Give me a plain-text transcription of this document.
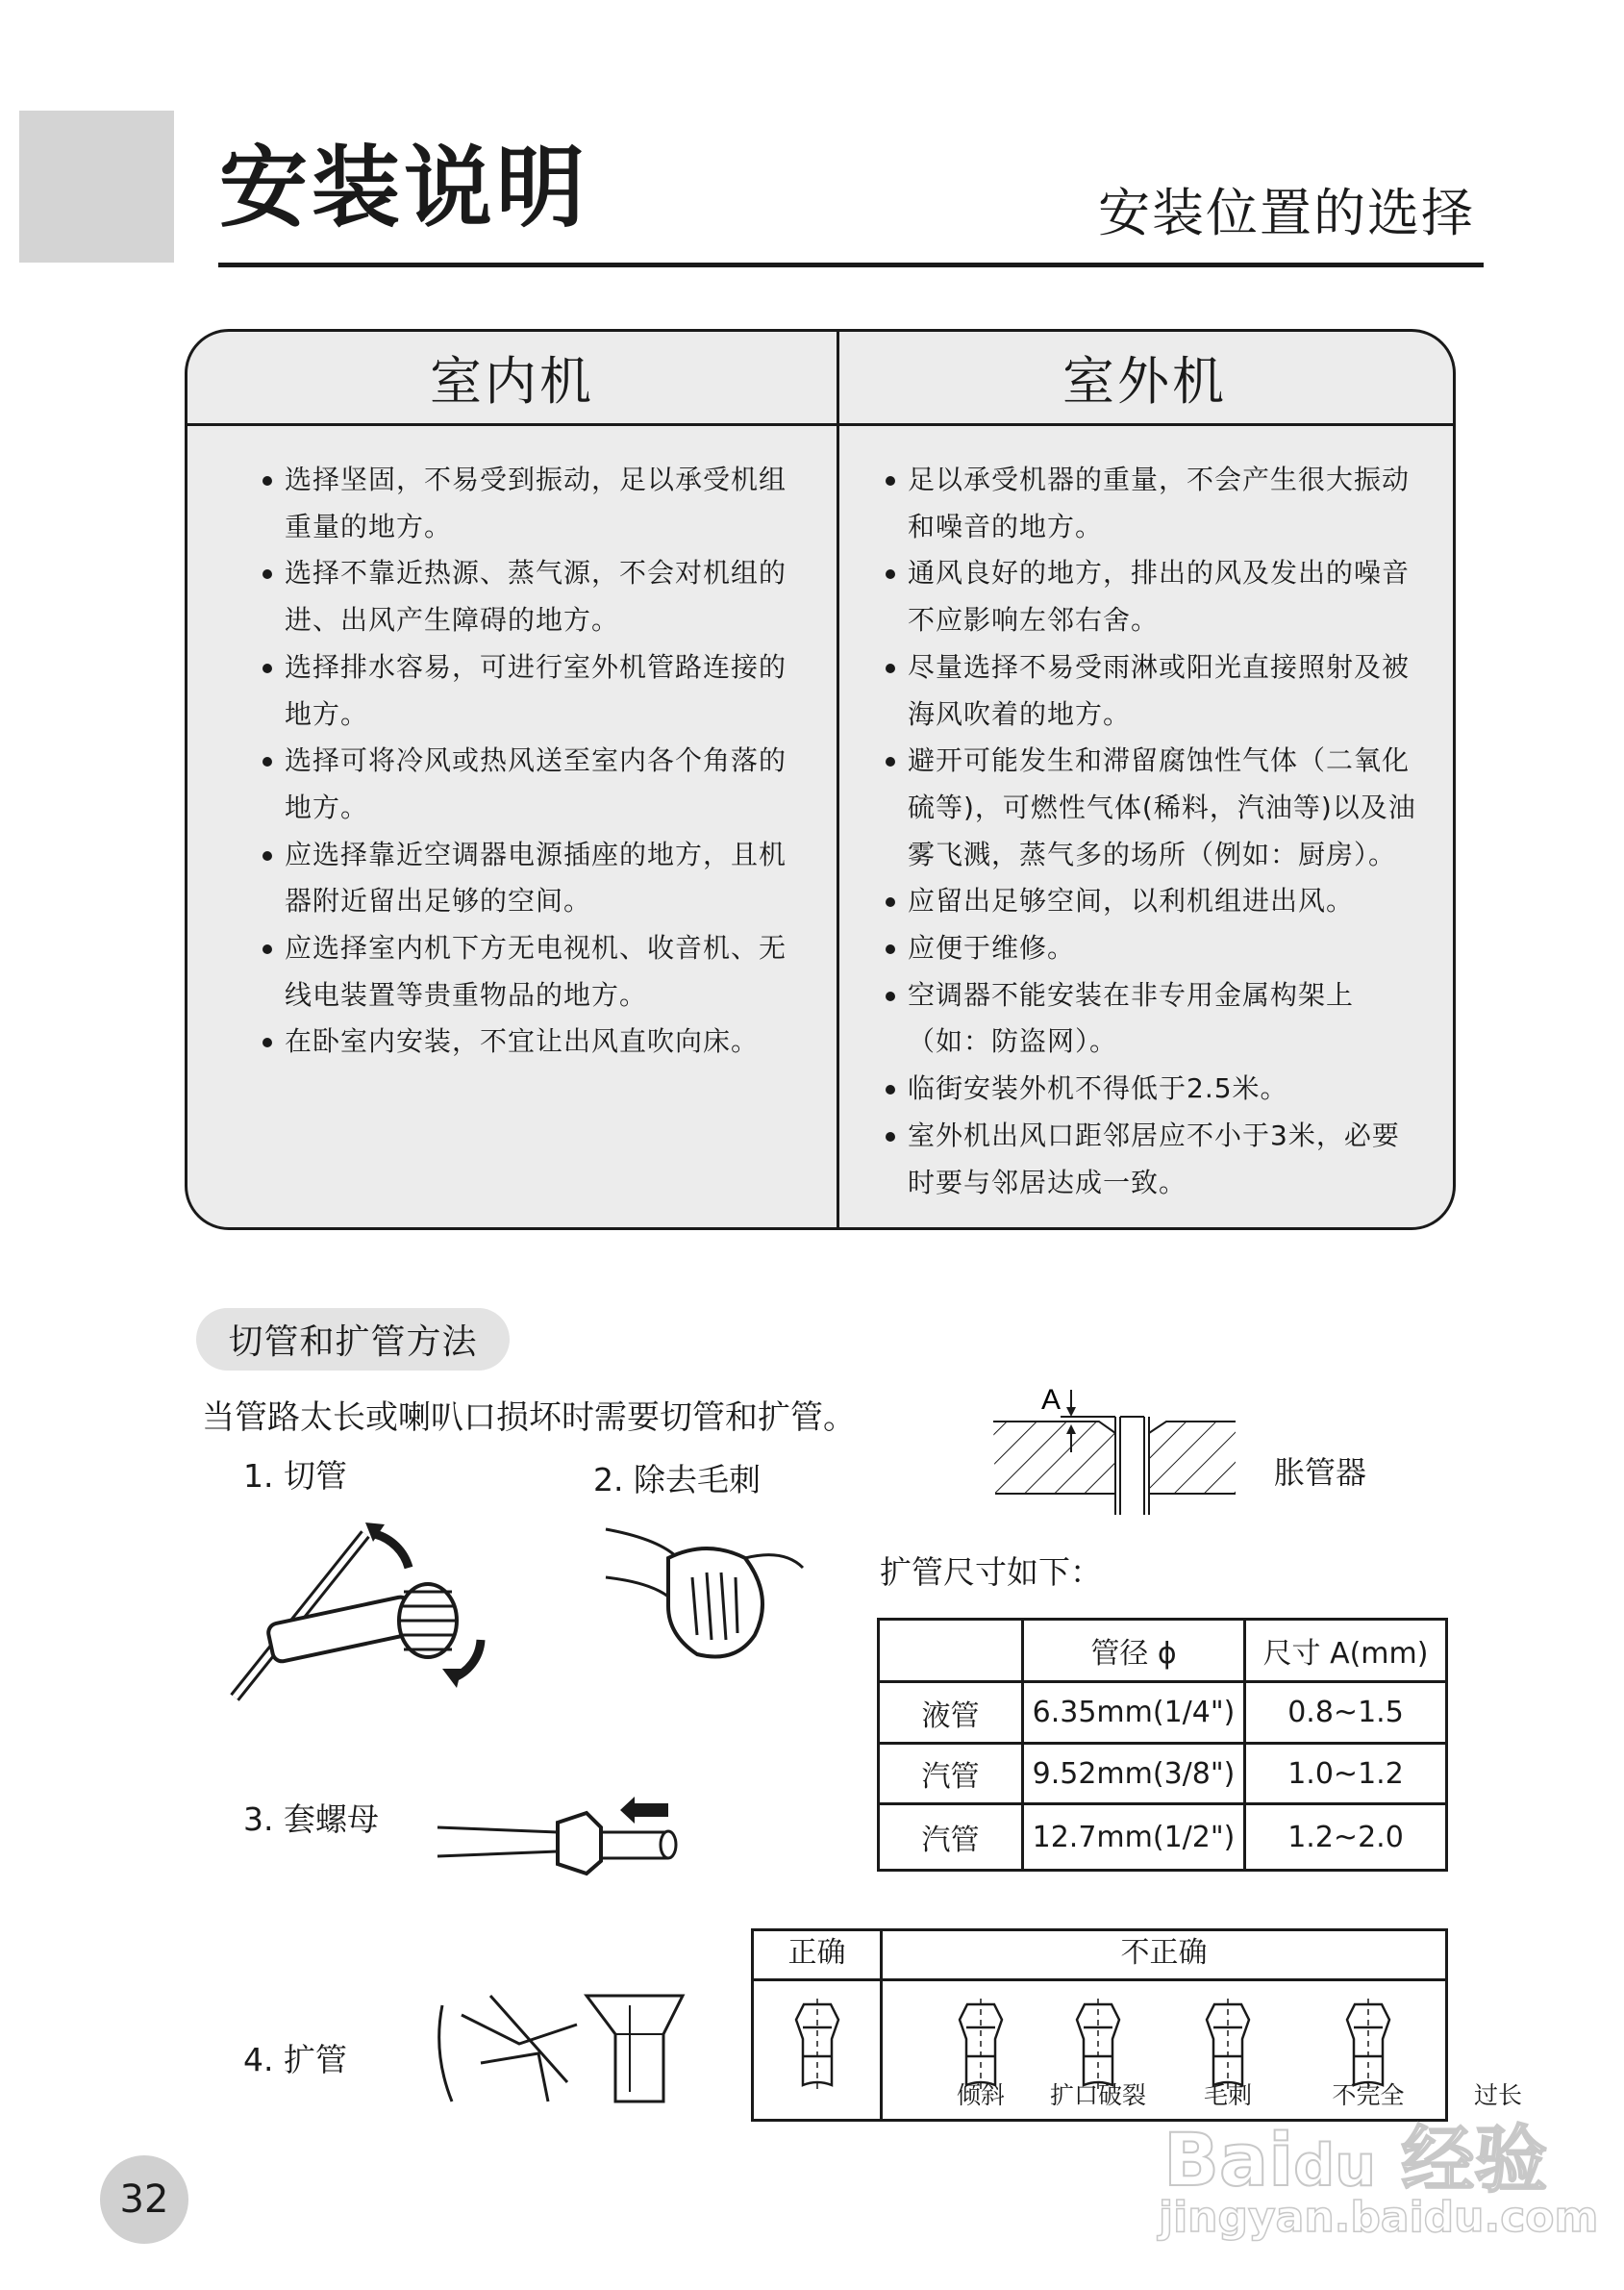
安装说明	安装位置的选择
室内机	室外机
选择坚固，不易受到振动，足以承受机组
重量的地方。
选择不靠近热源、蒸气源，不会对机组的
进、出风产生障碍的地方。
选择排水容易，可进行室外机管路连接的
地方。
选择可将冷风或热风送至室内各个角落的
地方。
应选择靠近空调器电源插座的地方，且机
器附近留出足够的空间。
应选择室内机下方无电视机、收音机、无
线电装置等贵重物品的地方。
在卧室内安装，不宜让出风直吹向床。
足以承受机器的重量，不会产生很大振动
和噪音的地方。
通风良好的地方，排出的风及发出的噪音
不应影响左邻右舍。
尽量选择不易受雨淋或阳光直接照射及被
海风吹着的地方。
避开可能发生和滞留腐蚀性气体（二氧化
硫等)，可燃性气体(稀料，汽油等)以及油
雾飞溅，蒸气多的场所（例如：厨房）。
应留出足够空间，以利机组进出风。
应便于维修。
空调器不能安装在非专用金属构架上
（如：防盗网）。
临街安装外机不得低于2.5米。
室外机出风口距邻居应不小于3米，必要
时要与邻居达成一致。
切管和扩管方法
当管路太长或喇叭口损坏时需要切管和扩管。
1. 切管	2. 除去毛刺
3. 套螺母
4. 扩管
A
胀管器
扩管尺寸如下：
	管径 ϕ	尺寸 A(mm)
液管	6.35mm(1/4")	0.8~1.5
汽管	9.52mm(3/8")	1.0~1.2
汽管	12.7mm(1/2")	1.2~2.0
正确	不正确
倾斜	扩口破裂	毛刺	不完全	过长
32	Baidu 经验
jingyan.baidu.com
